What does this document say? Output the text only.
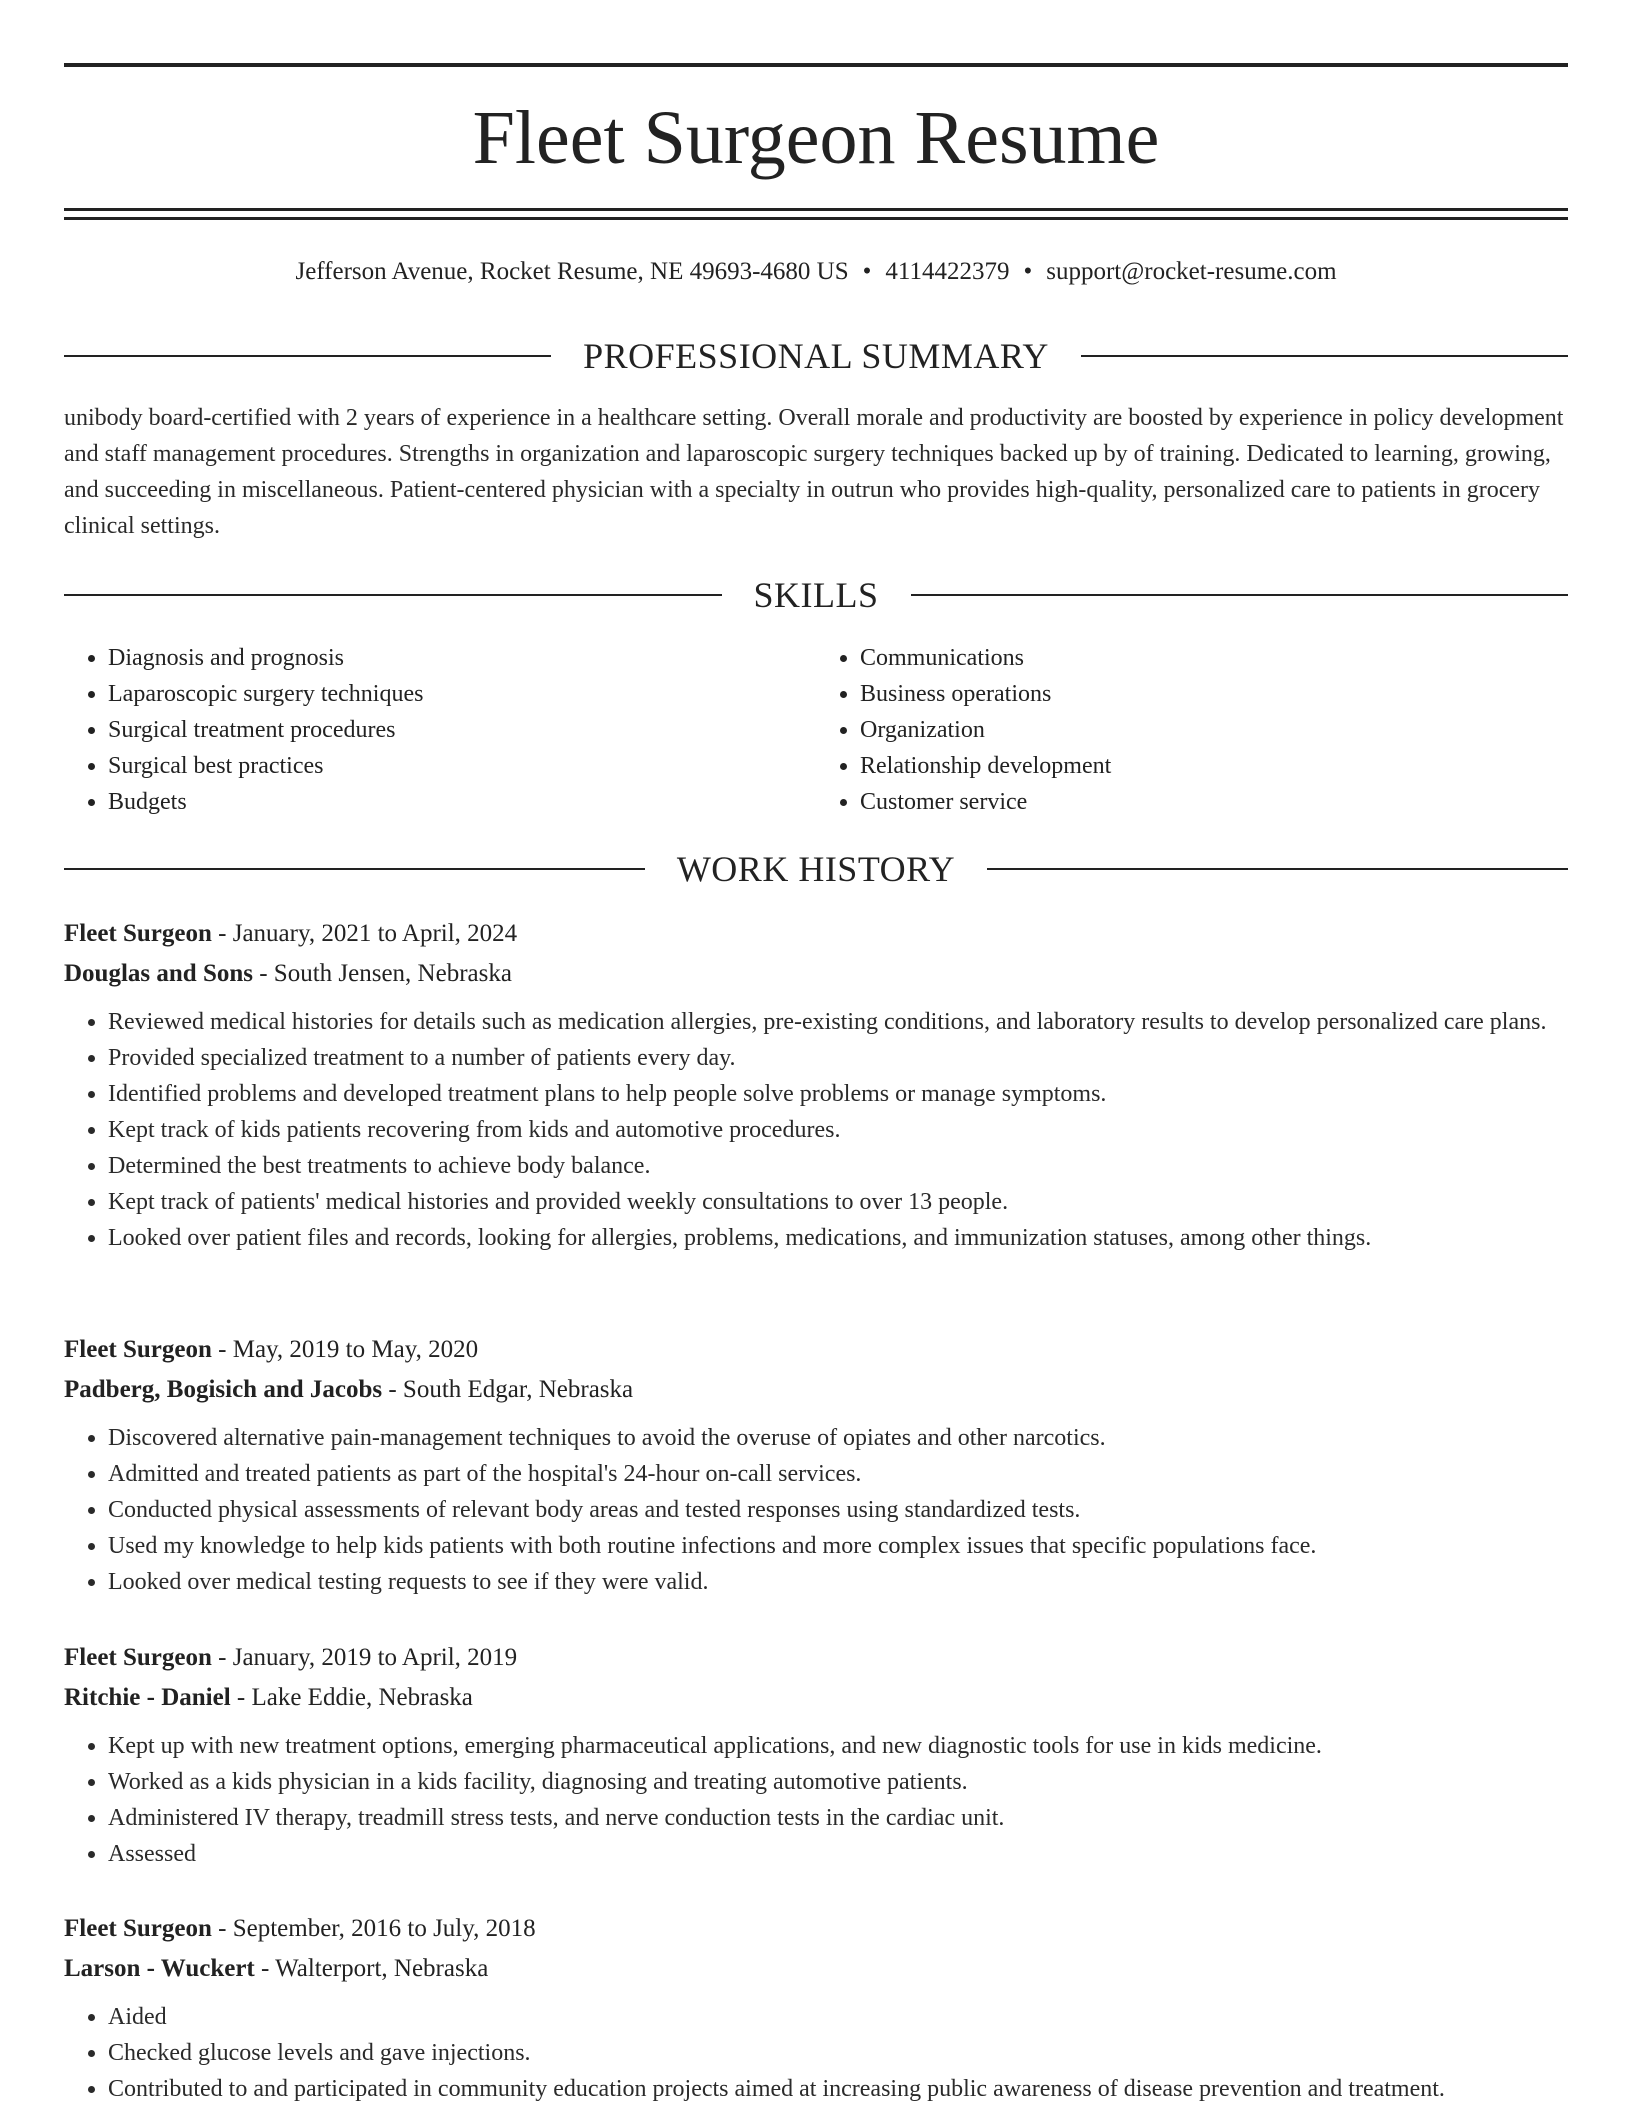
Fleet Surgeon Resume
Jefferson Avenue, Rocket Resume, NE 49693-4680 US • 4114422379 • support@rocket-resume.com
PROFESSIONAL SUMMARY

unibody board-certified with 2 years of experience in a healthcare setting. Overall morale and productivity are boosted by experience in policy development and staff management procedures. Strengths in organization and laparoscopic surgery techniques backed up by of training. Dedicated to learning, growing, and succeeding in miscellaneous. Patient-centered physician with a specialty in outrun who provides high-quality, personalized care to patients in grocery clinical settings.

SKILLS
• Diagnosis and prognosis
• Laparoscopic surgery techniques
• Surgical treatment procedures
• Surgical best practices
• Budgets
• Communications
• Business operations
• Organization
• Relationship development
• Customer service
WORK HISTORY
Fleet Surgeon - January, 2021 to April, 2024
Douglas and Sons - South Jensen, Nebraska
• Reviewed medical histories for details such as medication allergies, pre-existing conditions, and laboratory results to develop personalized care plans.
• Provided specialized treatment to a number of patients every day.
• Identified problems and developed treatment plans to help people solve problems or manage symptoms.
• Kept track of kids patients recovering from kids and automotive procedures.
• Determined the best treatments to achieve body balance.
• Kept track of patients' medical histories and provided weekly consultations to over 13 people.
• Looked over patient files and records, looking for allergies, problems, medications, and immunization statuses, among other things.
Fleet Surgeon - May, 2019 to May, 2020
Padberg, Bogisich and Jacobs - South Edgar, Nebraska
• Discovered alternative pain-management techniques to avoid the overuse of opiates and other narcotics.
• Admitted and treated patients as part of the hospital's 24-hour on-call services.
• Conducted physical assessments of relevant body areas and tested responses using standardized tests.
• Used my knowledge to help kids patients with both routine infections and more complex issues that specific populations face.
• Looked over medical testing requests to see if they were valid.
Fleet Surgeon - January, 2019 to April, 2019
Ritchie - Daniel - Lake Eddie, Nebraska
• Kept up with new treatment options, emerging pharmaceutical applications, and new diagnostic tools for use in kids medicine.
• Worked as a kids physician in a kids facility, diagnosing and treating automotive patients.
• Administered IV therapy, treadmill stress tests, and nerve conduction tests in the cardiac unit.
• Assessed
Fleet Surgeon - September, 2016 to July, 2018
Larson - Wuckert - Walterport, Nebraska
• Aided
• Checked glucose levels and gave injections.
• Contributed to and participated in community education projects aimed at increasing public awareness of disease prevention and treatment.
